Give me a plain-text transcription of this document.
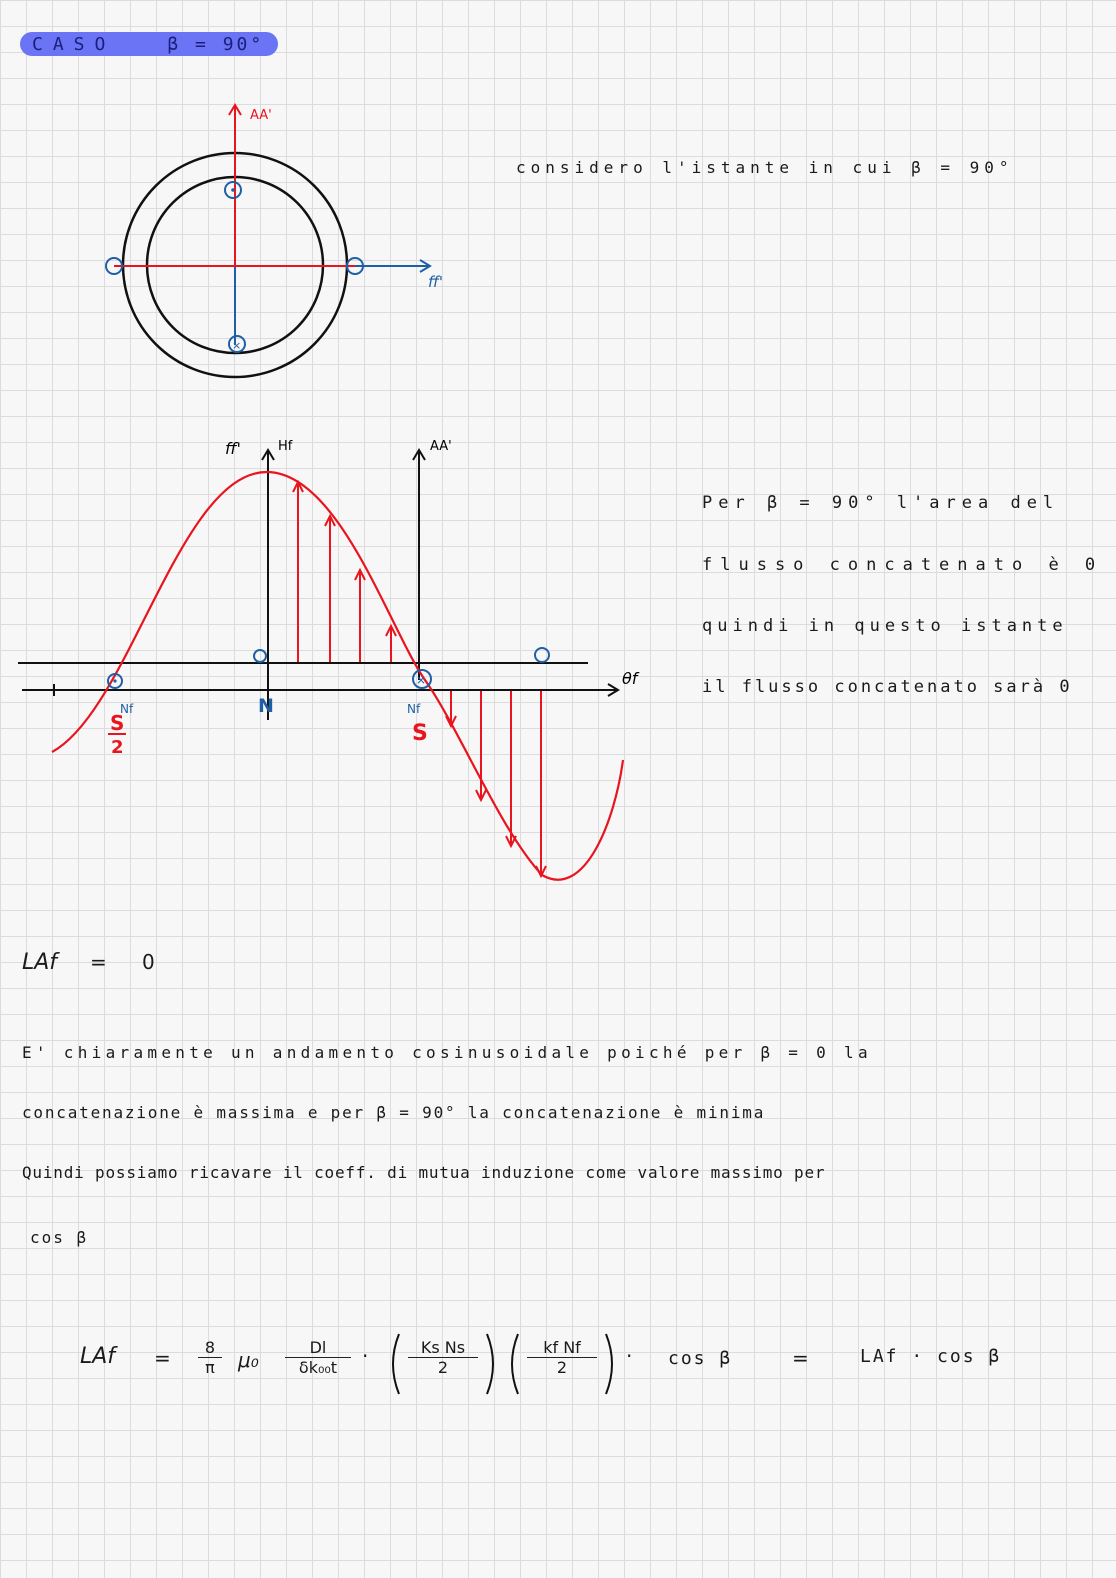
CASO	β = 90°
×
AA'
ff'
considero l'istante in cui β = 90°
×
ff'	Hf	AA'
θf
Nf
S
2
N	Nf
S
Per β = 90° l'area del
flusso concatenato è 0
quindi in questo istante
il flusso concatenato sarà 0
LAf = 0
E' chiaramente un andamento cosinusoidale poiché per β = 0 la
concatenazione è massima e per β = 90° la concatenazione è minima
Quindi possiamo ricavare il coeff. di mutua induzione come valore massimo per
cos β
LAf = $\frac{8}{\pi} \mu_0 \frac{Dl}{\text{δk₀₀t}} \cdot \frac{\text{Ks Ns}}{2}$	$\frac{\text{kf Nf}}{2} \cdot \cos \beta$	=	LAf · cos β
